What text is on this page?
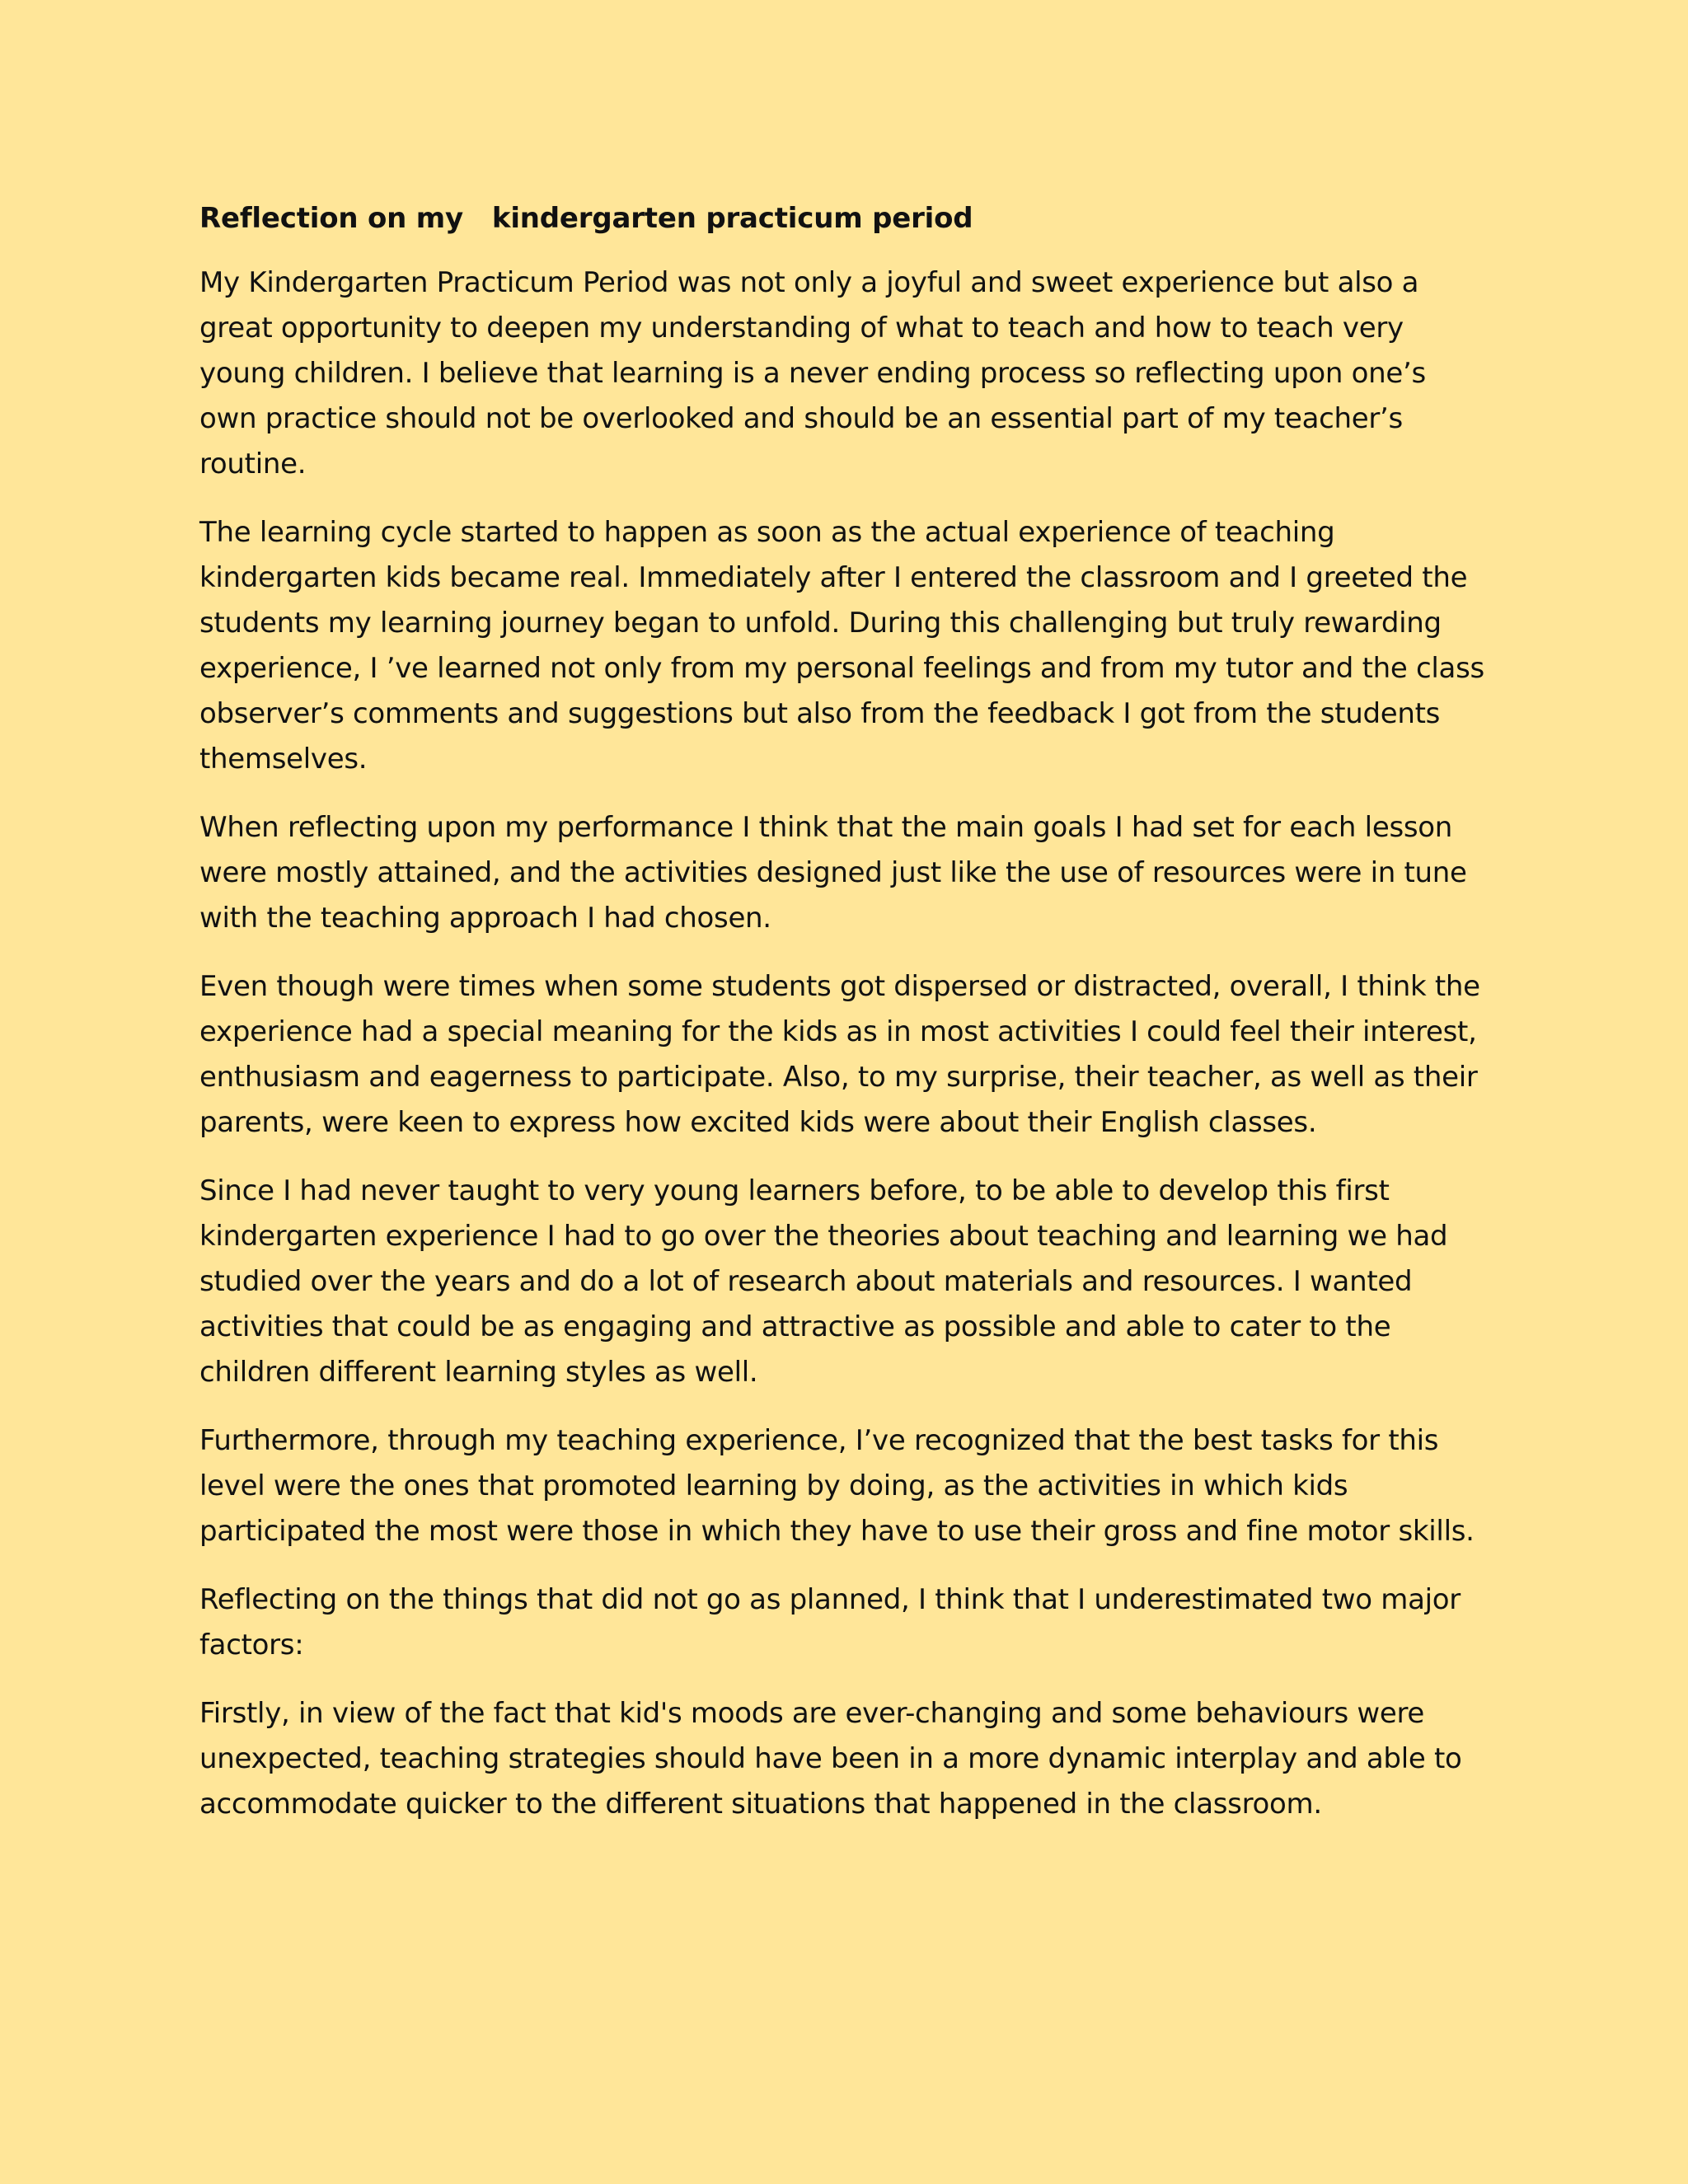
Reflection on my   kindergarten practicum period

My Kindergarten Practicum Period was not only a joyful and sweet experience but also a great opportunity to deepen my understanding of what to teach and how to teach very young children. I believe that learning is a never ending process so reflecting upon one’s own practice should not be overlooked and should be an essential part of my teacher’s routine.

The learning cycle started to happen as soon as the actual experience of teaching kindergarten kids became real. Immediately after I entered the classroom and I greeted the students my learning journey began to unfold. During this challenging but truly rewarding experience, I ’ve learned not only from my personal feelings and from my tutor and the class observer’s comments and suggestions but also from the feedback I got from the students themselves.

When reflecting upon my performance I think that the main goals I had set for each lesson were mostly attained, and the activities designed just like the use of resources were in tune with the teaching approach I had chosen.

Even though were times when some students got dispersed or distracted, overall, I think the experience had a special meaning for the kids as in most activities I could feel their interest, enthusiasm and eagerness to participate. Also, to my surprise, their teacher, as well as their parents, were keen to express how excited kids were about their English classes.

Since I had never taught to very young learners before, to be able to develop this first kindergarten experience I had to go over the theories about teaching and learning we had studied over the years and do a lot of research about materials and resources. I wanted activities that could be as engaging and attractive as possible and able to cater to the children different learning styles as well.

Furthermore, through my teaching experience, I’ve recognized that the best tasks for this level were the ones that promoted learning by doing, as the activities in which kids participated the most were those in which they have to use their gross and fine motor skills.

Reflecting on the things that did not go as planned, I think that I underestimated two major factors:

Firstly, in view of the fact that kid's moods are ever-changing and some behaviours were unexpected, teaching strategies should have been in a more dynamic interplay and able to accommodate quicker to the different situations that happened in the classroom.
